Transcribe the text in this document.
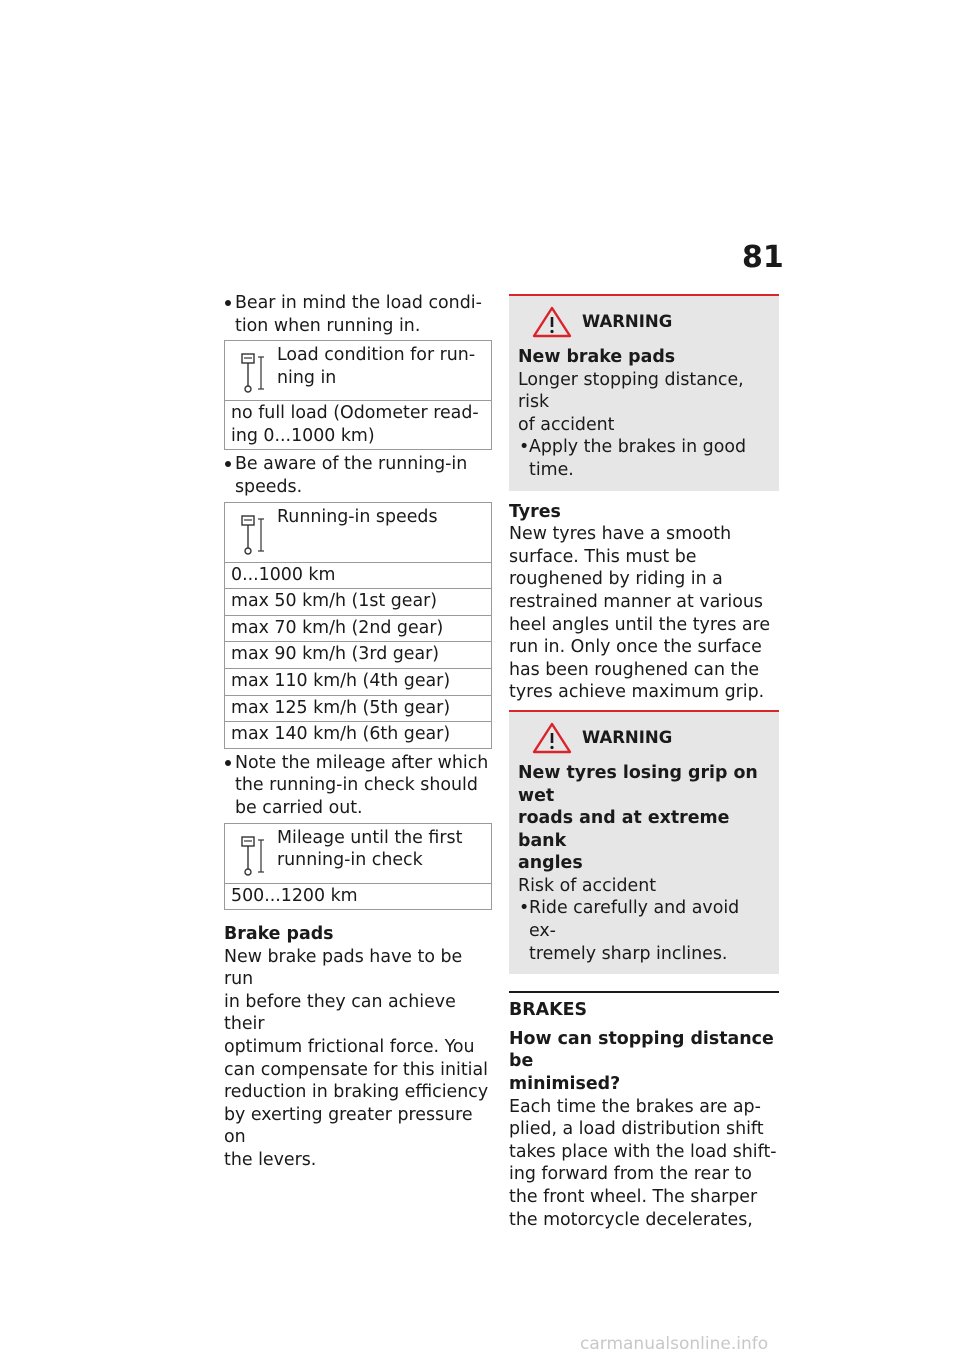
81
Bear in mind the load condi-
tion when running in.
Load condition for run-
ning in
no full load (Odometer read-
ing 0...1000 km)
Be aware of the running-in
speeds.
Running-in speeds
0...1000 km
max 50 km/h (1st gear)
max 70 km/h (2nd gear)
max 90 km/h (3rd gear)
max 110 km/h (4th gear)
max 125 km/h (5th gear)
max 140 km/h (6th gear)
Note the mileage after which
the running-in check should
be carried out.
Mileage until the first
running-in check
500...1200 km
Brake pads
New brake pads have to be run
in before they can achieve their
optimum frictional force. You
can compensate for this initial
reduction in braking efficiency
by exerting greater pressure on
the levers.
WARNING
New brake pads
Longer stopping distance, risk
of accident
• Apply the brakes in good
time.
Tyres
New tyres have a smooth
surface. This must be
roughened by riding in a
restrained manner at various
heel angles until the tyres are
run in. Only once the surface
has been roughened can the
tyres achieve maximum grip.
WARNING
New tyres losing grip on wet
roads and at extreme bank
angles
Risk of accident
• Ride carefully and avoid ex-
tremely sharp inclines.
BRAKES
How can stopping distance be
minimised?
Each time the brakes are ap-
plied, a load distribution shift
takes place with the load shift-
ing forward from the rear to
the front wheel. The sharper
the motorcycle decelerates,
carmanualsonline.info
